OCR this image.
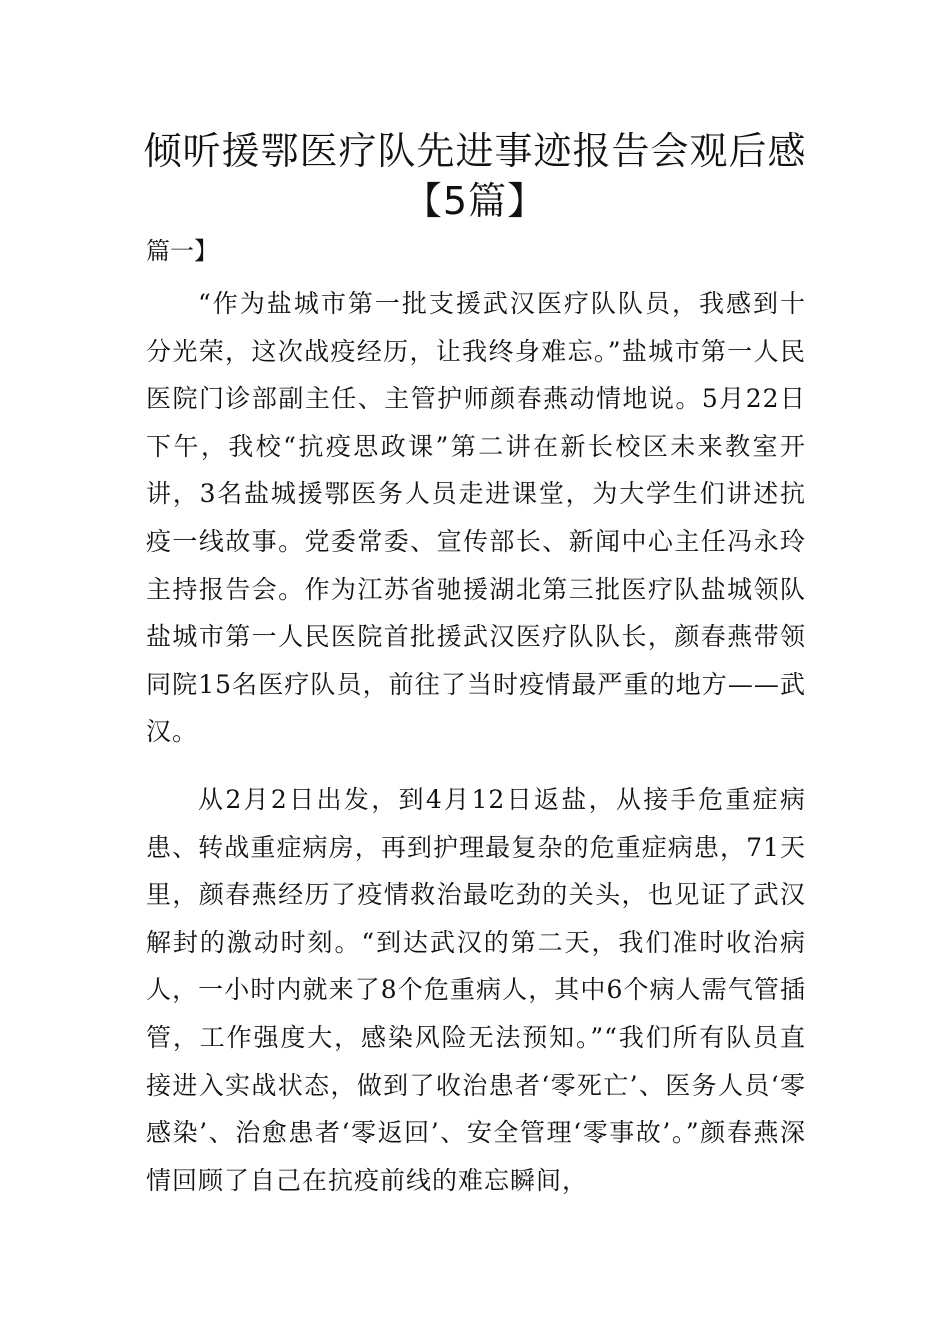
倾听援鄂医疗队先进事迹报告会观后感
【5篇】
篇一】

“作为盐城市第一批支援武汉医疗队队员，我感到十分光荣，这次战疫经历，让我终身难忘。”盐城市第一人民医院门诊部副主任、主管护师颜春燕动情地说。5月22日下午，我校“抗疫思政课”第二讲在新长校区未来教室开讲，3名盐城援鄂医务人员走进课堂，为大学生们讲述抗疫一线故事。党委常委、宣传部长、新闻中心主任冯永玲主持报告会。作为江苏省驰援湖北第三批医疗队盐城领队盐城市第一人民医院首批援武汉医疗队队长，颜春燕带领同院15名医疗队员，前往了当时疫情最严重的地方——武汉。

从2月2日出发，到4月12日返盐，从接手危重症病患、转战重症病房，再到护理最复杂的危重症病患，71天里，颜春燕经历了疫情救治最吃劲的关头，也见证了武汉解封的激动时刻。“到达武汉的第二天，我们准时收治病人，一小时内就来了8个危重病人，其中6个病人需气管插管，工作强度大，感染风险无法预知。”“我们所有队员直接进入实战状态，做到了收治患者‘零死亡’、医务人员‘零感染’、治愈患者‘零返回’、安全管理‘零事故’。”颜春燕深情回顾了自己在抗疫前线的难忘瞬间，
